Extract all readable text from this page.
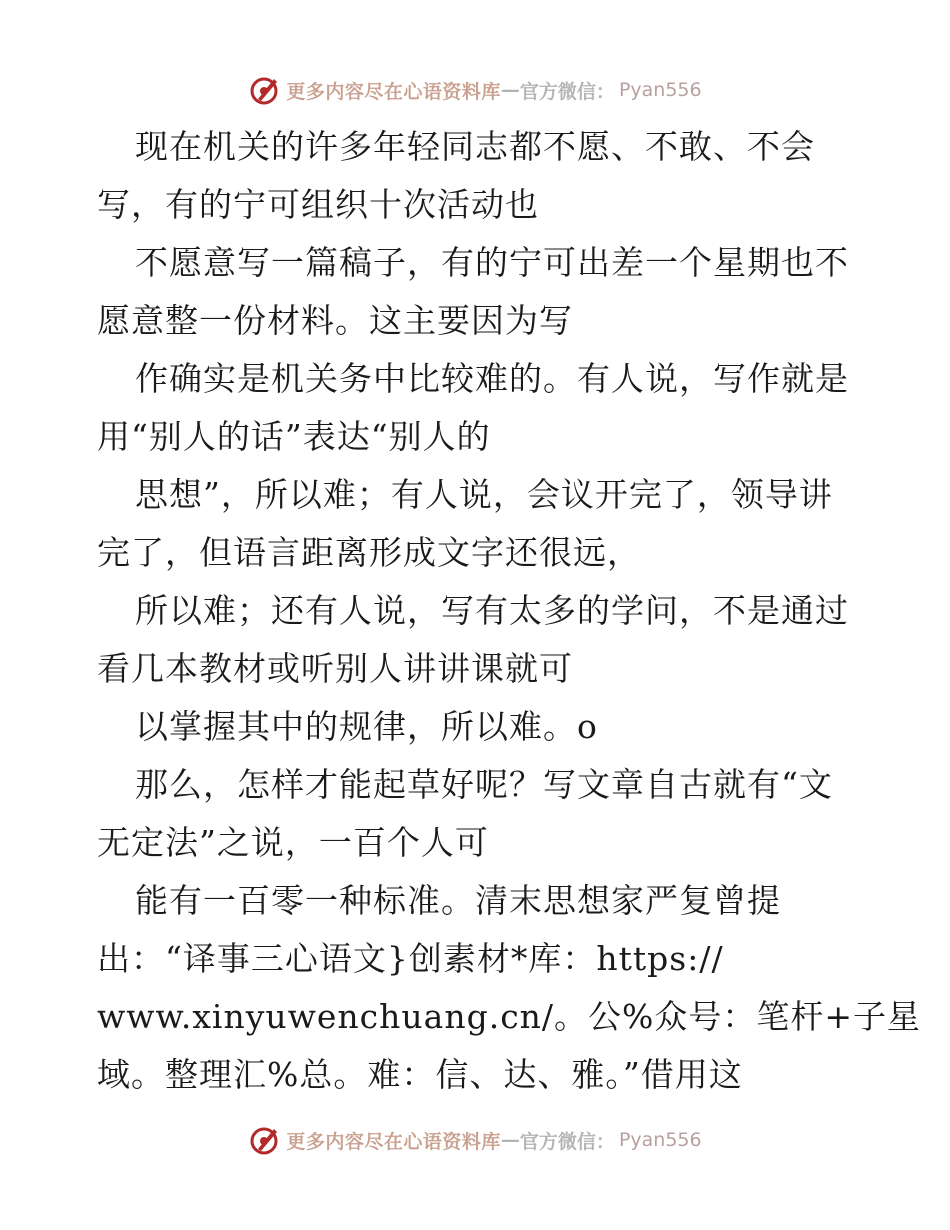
更多内容尽在心语资料库 — 官方微信： Pyan556
现在机关的许多年轻同志都不愿、不敢、不会
写，有的宁可组织十次活动也
不愿意写一篇稿子，有的宁可出差一个星期也不
愿意整一份材料。这主要因为写
作确实是机关务中比较难的。有人说，写作就是
用“别人的话”表达“别人的
思想”，所以难；有人说，会议开完了，领导讲
完了，但语言距离形成文字还很远，
所以难；还有人说，写有太多的学问，不是通过
看几本教材或听别人讲讲课就可
以掌握其中的规律，所以难。o
那么，怎样才能起草好呢？写文章自古就有“文
无定法”之说，一百个人可
能有一百零一种标准。清末思想家严复曾提
出：“译事三心语文}创素材*库：https://
www.xinyuwenchuang.cn/。公%众号：笔杆+子星
域。整理汇%总。难：信、达、雅。”借用这
更多内容尽在心语资料库 — 官方微信： Pyan556
